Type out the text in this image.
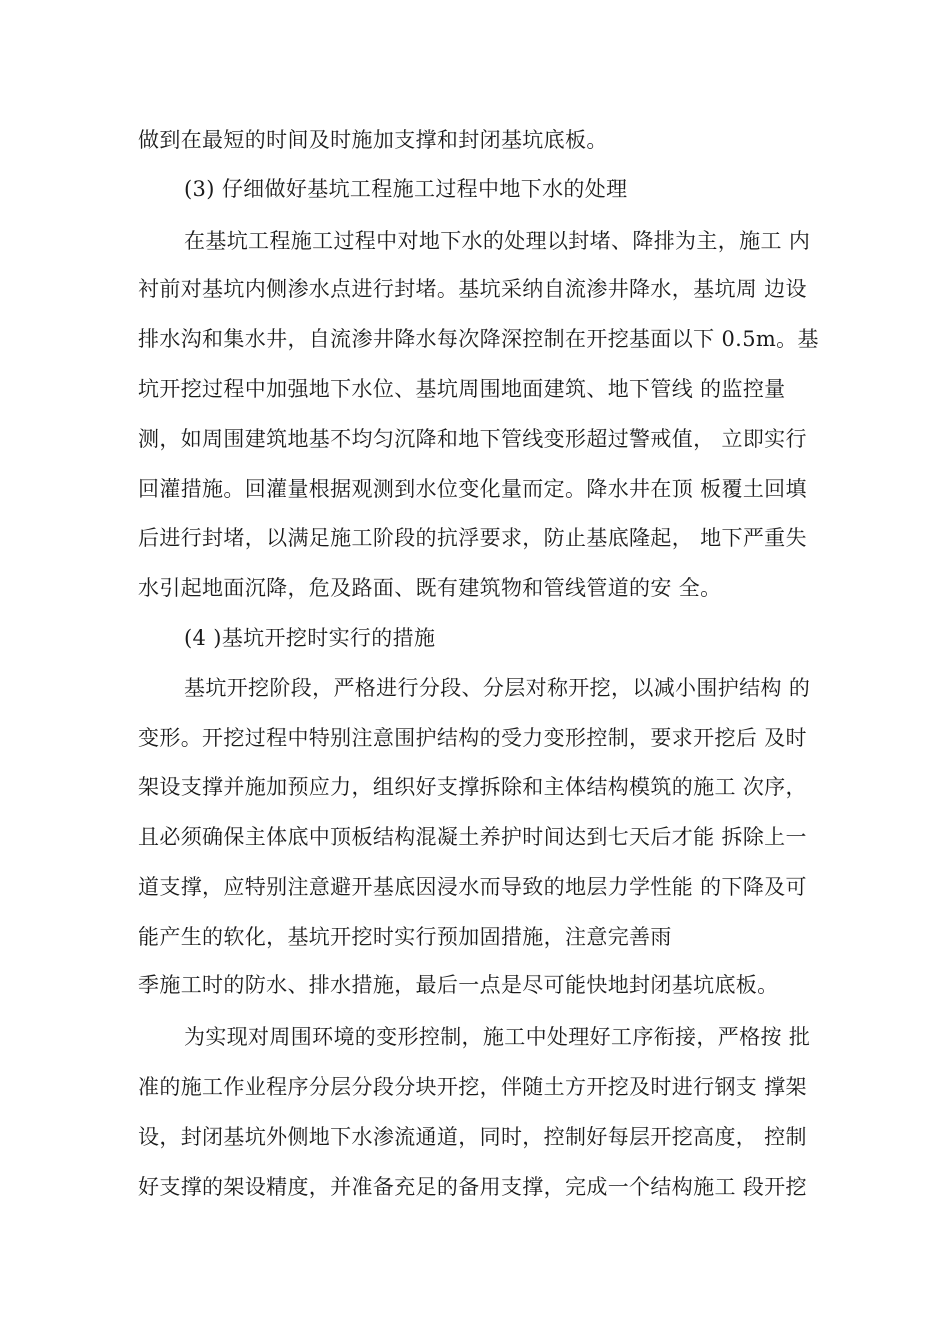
做到在最短的时间及时施加支撑和封闭基坑底板。
(3) 仔细做好基坑工程施工过程中地下水的处理
在基坑工程施工过程中对地下水的处理以封堵、降排为主，施工 内
衬前对基坑内侧渗水点进行封堵。基坑采纳自流渗井降水，基坑周 边设
排水沟和集水井，自流渗井降水每次降深控制在开挖基面以下 0.5m。基
坑开挖过程中加强地下水位、基坑周围地面建筑、地下管线 的监控量
测，如周围建筑地基不均匀沉降和地下管线变形超过警戒值， 立即实行
回灌措施。回灌量根据观测到水位变化量而定。降水井在顶 板覆土回填
后进行封堵，以满足施工阶段的抗浮要求，防止基底隆起， 地下严重失
水引起地面沉降，危及路面、既有建筑物和管线管道的安 全。
(4 )基坑开挖时实行的措施
基坑开挖阶段，严格进行分段、分层对称开挖，以减小围护结构 的
变形。开挖过程中特别注意围护结构的受力变形控制，要求开挖后 及时
架设支撑并施加预应力，组织好支撑拆除和主体结构模筑的施工 次序，
且必须确保主体底中顶板结构混凝土养护时间达到七天后才能 拆除上一
道支撑，应特别注意避开基底因浸水而导致的地层力学性能 的下降及可
能产生的软化，基坑开挖时实行预加固措施，注意完善雨
季施工时的防水、排水措施，最后一点是尽可能快地封闭基坑底板。
为实现对周围环境的变形控制，施工中处理好工序衔接，严格按 批
准的施工作业程序分层分段分块开挖，伴随土方开挖及时进行钢支 撑架
设，封闭基坑外侧地下水渗流通道，同时，控制好每层开挖高度， 控制
好支撑的架设精度，并准备充足的备用支撑，完成一个结构施工 段开挖
